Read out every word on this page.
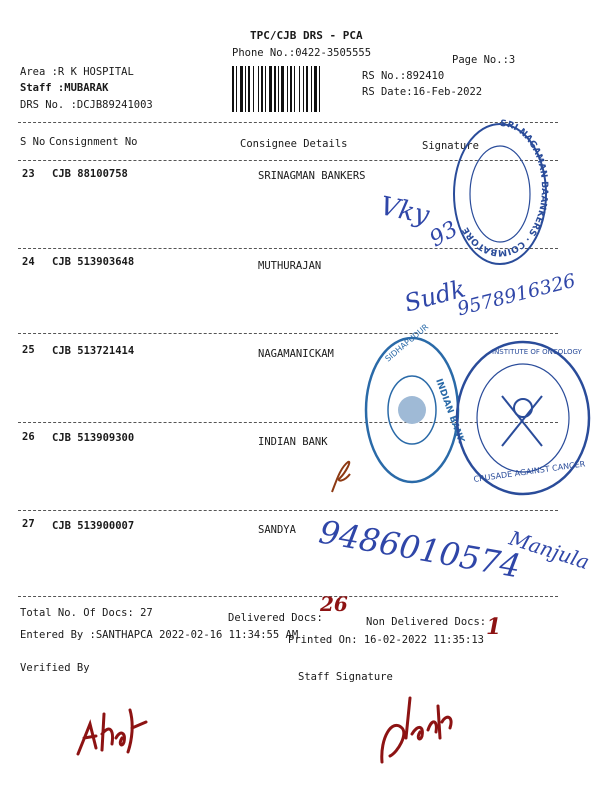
TPC/CJB DRS - PCA
Phone No.:0422-3505555
Page No.:3
Area :R K HOSPITAL
Staff :MUBARAK
DRS No. :DCJB89241003
RS No.:892410
RS Date:16-Feb-2022
S No Consignment No	Consignee Details	Signature
23 CJB 88100758	SRINAGMAN BANKERS
24 CJB 513903648	MUTHURAJAN
25 CJB 513721414	NAGAMANICKAM
26 CJB 513909300	INDIAN BANK
27 CJB 513900007	SANDYA
Total No. Of Docs: 27	Delivered Docs:	Non Delivered Docs:
Entered By :SANTHAPCA 2022-02-16 11:34:55 AM
Printed On: 16-02-2022 11:35:13
Verified By
Staff Signature
SRI NAGAMAN BAANKERS · COIMBATORE
SIDHAPUDUR
INDIAN BANK
INSTITUTE OF ONCOLOGY
CRUSADE AGAINST CANCER
Vky
93
Sudk
9578916326
9486010574
Manjula
26
1
